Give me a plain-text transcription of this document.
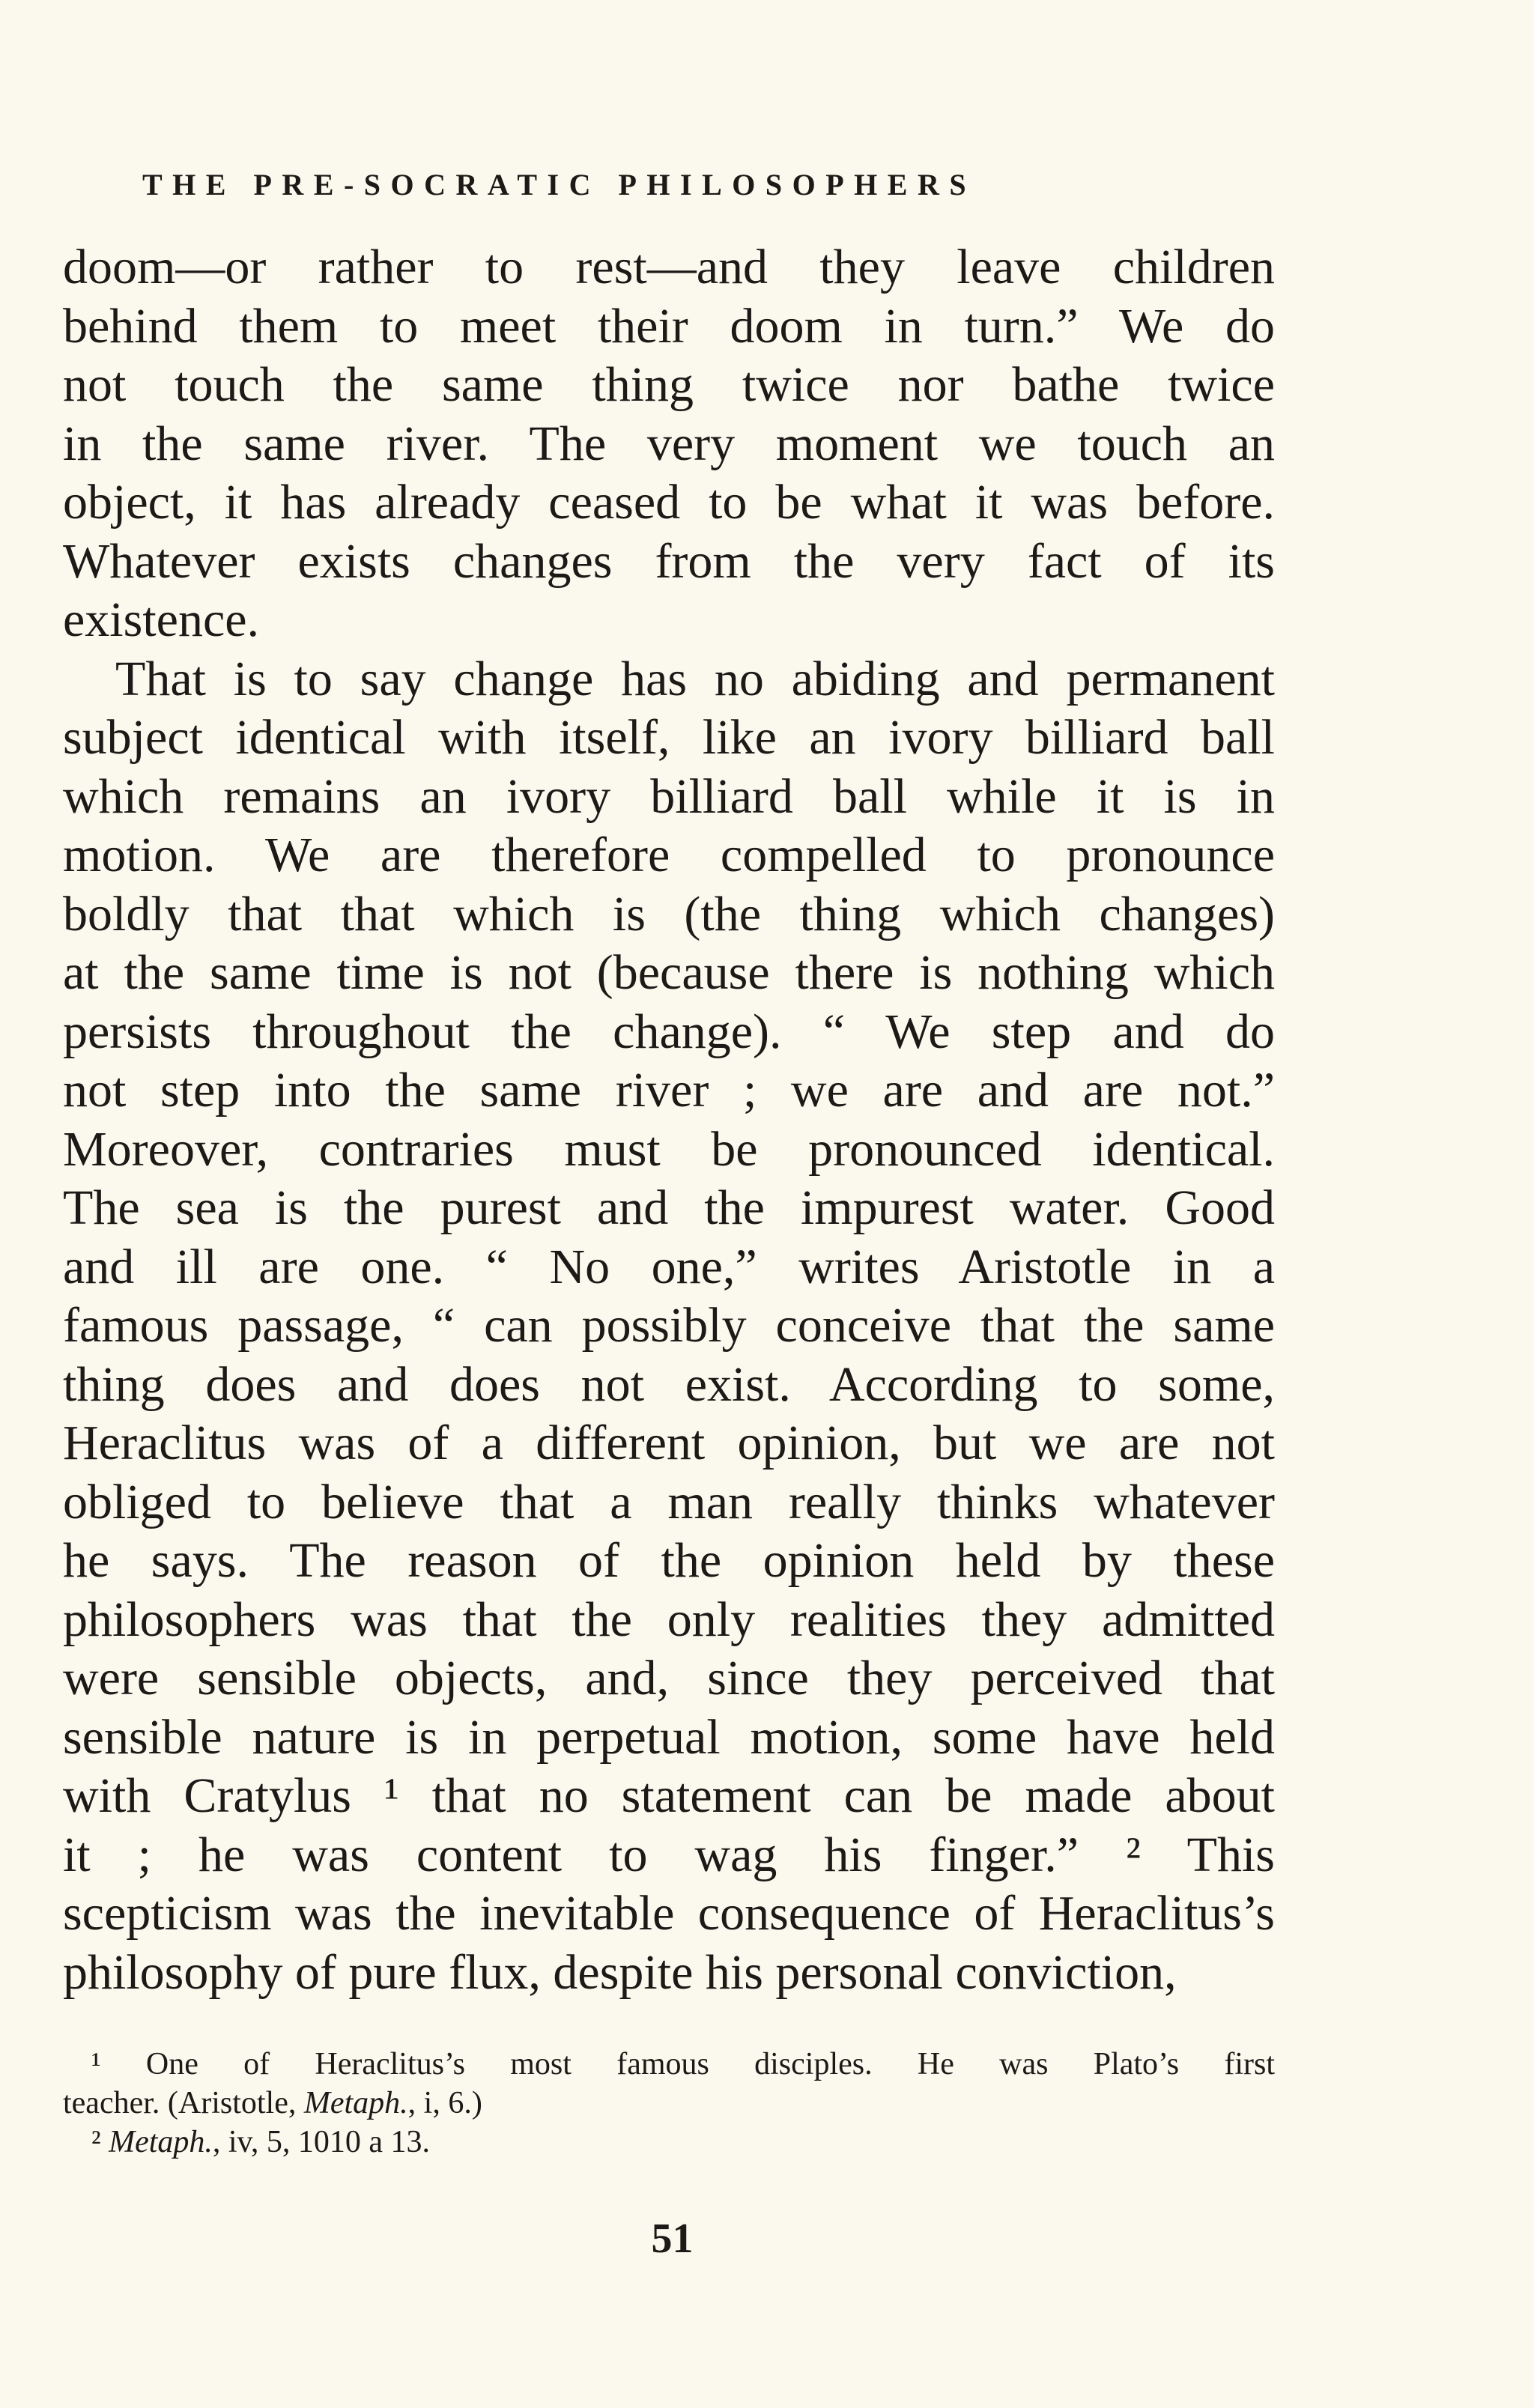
THE PRE-SOCRATIC PHILOSOPHERS
doom—or rather to rest—and they leave children
behind them to meet their doom in turn.” We do
not touch the same thing twice nor bathe twice
in the same river. The very moment we touch an
object, it has already ceased to be what it was before.
Whatever exists changes from the very fact of its
existence.
That is to say change has no abiding and permanent
subject identical with itself, like an ivory billiard ball
which remains an ivory billiard ball while it is in
motion. We are therefore compelled to pronounce
boldly that that which is (the thing which changes)
at the same time is not (because there is nothing which
persists throughout the change). “ We step and do
not step into the same river ; we are and are not.”
Moreover, contraries must be pronounced identical.
The sea is the purest and the impurest water. Good
and ill are one. “ No one,” writes Aristotle in a
famous passage, “ can possibly conceive that the same
thing does and does not exist. According to some,
Heraclitus was of a different opinion, but we are not
obliged to believe that a man really thinks whatever
he says. The reason of the opinion held by these
philosophers was that the only realities they admitted
were sensible objects, and, since they perceived that
sensible nature is in perpetual motion, some have held
with Cratylus ¹ that no statement can be made about
it ; he was content to wag his finger.” ² This
scepticism was the inevitable consequence of Heraclitus’s
philosophy of pure flux, despite his personal conviction,
¹ One of Heraclitus’s most famous disciples. He was Plato’s first
teacher. (Aristotle, Metaph., i, 6.)
² Metaph., iv, 5, 1010 a 13.
51
